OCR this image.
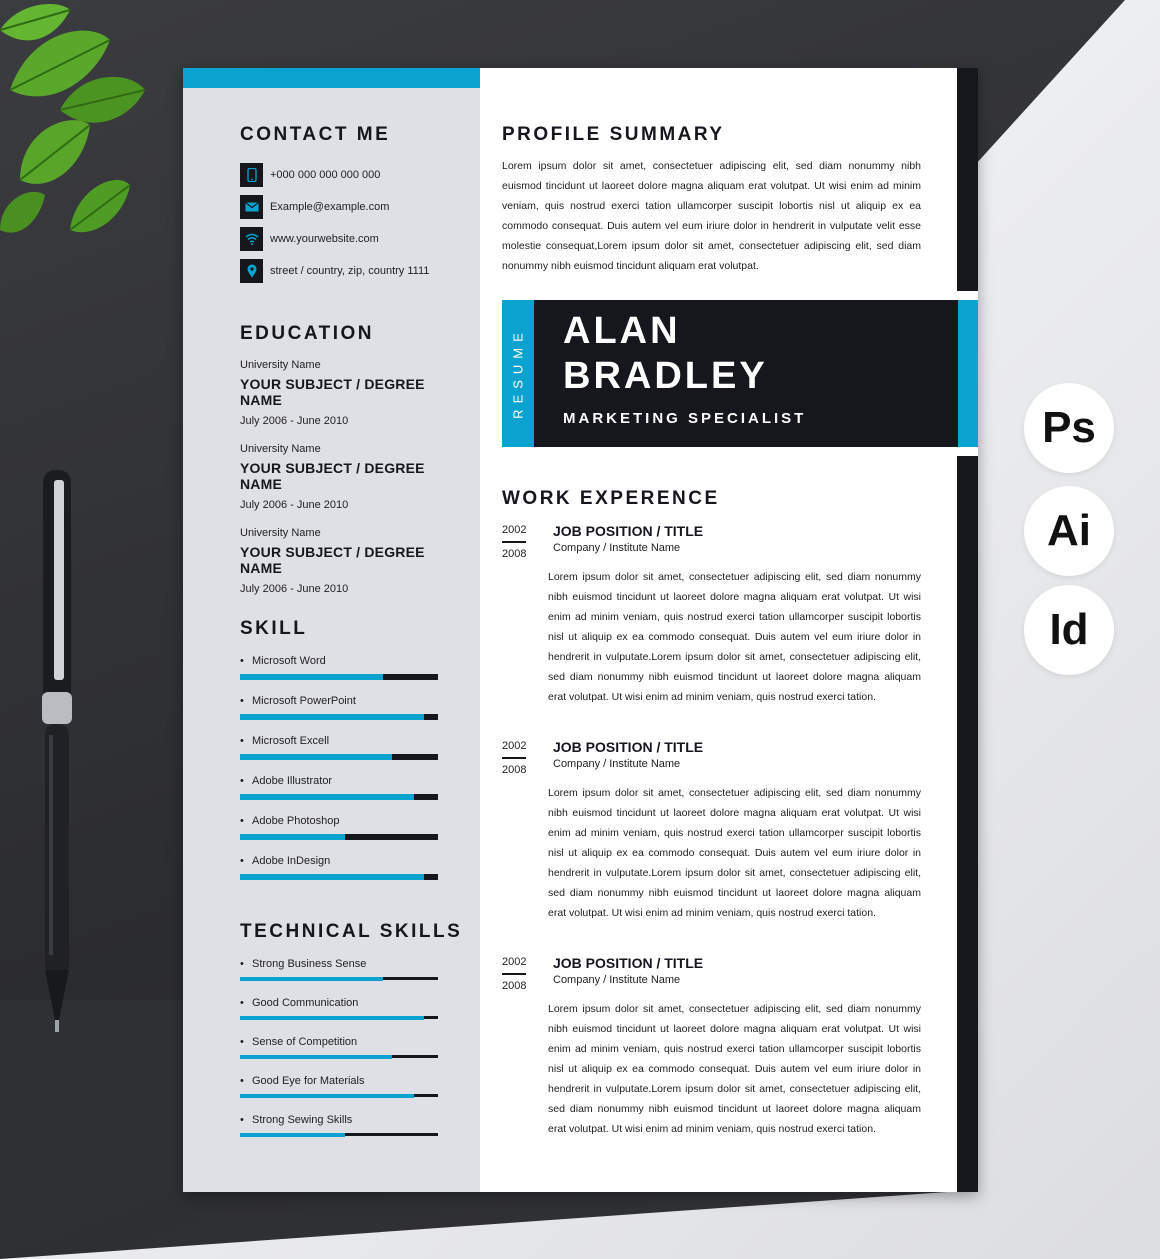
Ps
Ai
Id
CONTACT ME
+000 000 000 000 000
Example@example.com
www.yourwebsite.com
street / country, zip, country 1111
EDUCATION
University Name
YOUR SUBJECT / DEGREE NAME
July 2006 - June 2010
University Name
YOUR SUBJECT / DEGREE NAME
July 2006 - June 2010
University Name
YOUR SUBJECT / DEGREE NAME
July 2006 - June 2010
SKILL
• Microsoft Word
• Microsoft PowerPoint
• Microsoft Excell
• Adobe Illustrator
• Adobe Photoshop
• Adobe InDesign
TECHNICAL SKILLS
• Strong Business Sense
• Good Communication
• Sense of Competition
• Good Eye for Materials
• Strong Sewing Skills
PROFILE SUMMARY
Lorem ipsum dolor sit amet, consectetuer adipiscing elit, sed diam nonummy nibh euismod tincidunt ut laoreet dolore magna aliquam erat volutpat. Ut wisi enim ad minim veniam, quis nostrud exerci tation ullamcorper suscipit lobortis nisl ut aliquip ex ea commodo consequat. Duis autem vel eum iriure dolor in hendrerit in vulputate velit esse molestie consequat,Lorem ipsum dolor sit amet, consectetuer adipiscing elit, sed diam nonummy nibh euismod tincidunt aliquam erat volutpat.
RESUME ALAN
BRADLEY
MARKETING SPECIALIST
WORK EXPERENCE
2002
2008
JOB POSITION / TITLE
Company / Institute Name
Lorem ipsum dolor sit amet, consectetuer adipiscing elit, sed diam nonummy nibh euismod tincidunt ut laoreet dolore magna aliquam erat volutpat. Ut wisi enim ad minim veniam, quis nostrud exerci tation ullamcorper suscipit lobortis nisl ut aliquip ex ea commodo consequat. Duis autem vel eum iriure dolor in hendrerit in vulputate.Lorem ipsum dolor sit amet, consectetuer adipiscing elit, sed diam nonummy nibh euismod tincidunt ut laoreet dolore magna aliquam erat volutpat. Ut wisi enim ad minim veniam, quis nostrud exerci tation.
2002
2008
JOB POSITION / TITLE
Company / Institute Name
Lorem ipsum dolor sit amet, consectetuer adipiscing elit, sed diam nonummy nibh euismod tincidunt ut laoreet dolore magna aliquam erat volutpat. Ut wisi enim ad minim veniam, quis nostrud exerci tation ullamcorper suscipit lobortis nisl ut aliquip ex ea commodo consequat. Duis autem vel eum iriure dolor in hendrerit in vulputate.Lorem ipsum dolor sit amet, consectetuer adipiscing elit, sed diam nonummy nibh euismod tincidunt ut laoreet dolore magna aliquam erat volutpat. Ut wisi enim ad minim veniam, quis nostrud exerci tation.
2002
2008
JOB POSITION / TITLE
Company / Institute Name
Lorem ipsum dolor sit amet, consectetuer adipiscing elit, sed diam nonummy nibh euismod tincidunt ut laoreet dolore magna aliquam erat volutpat. Ut wisi enim ad minim veniam, quis nostrud exerci tation ullamcorper suscipit lobortis nisl ut aliquip ex ea commodo consequat. Duis autem vel eum iriure dolor in hendrerit in vulputate.Lorem ipsum dolor sit amet, consectetuer adipiscing elit, sed diam nonummy nibh euismod tincidunt ut laoreet dolore magna aliquam erat volutpat. Ut wisi enim ad minim veniam, quis nostrud exerci tation.
